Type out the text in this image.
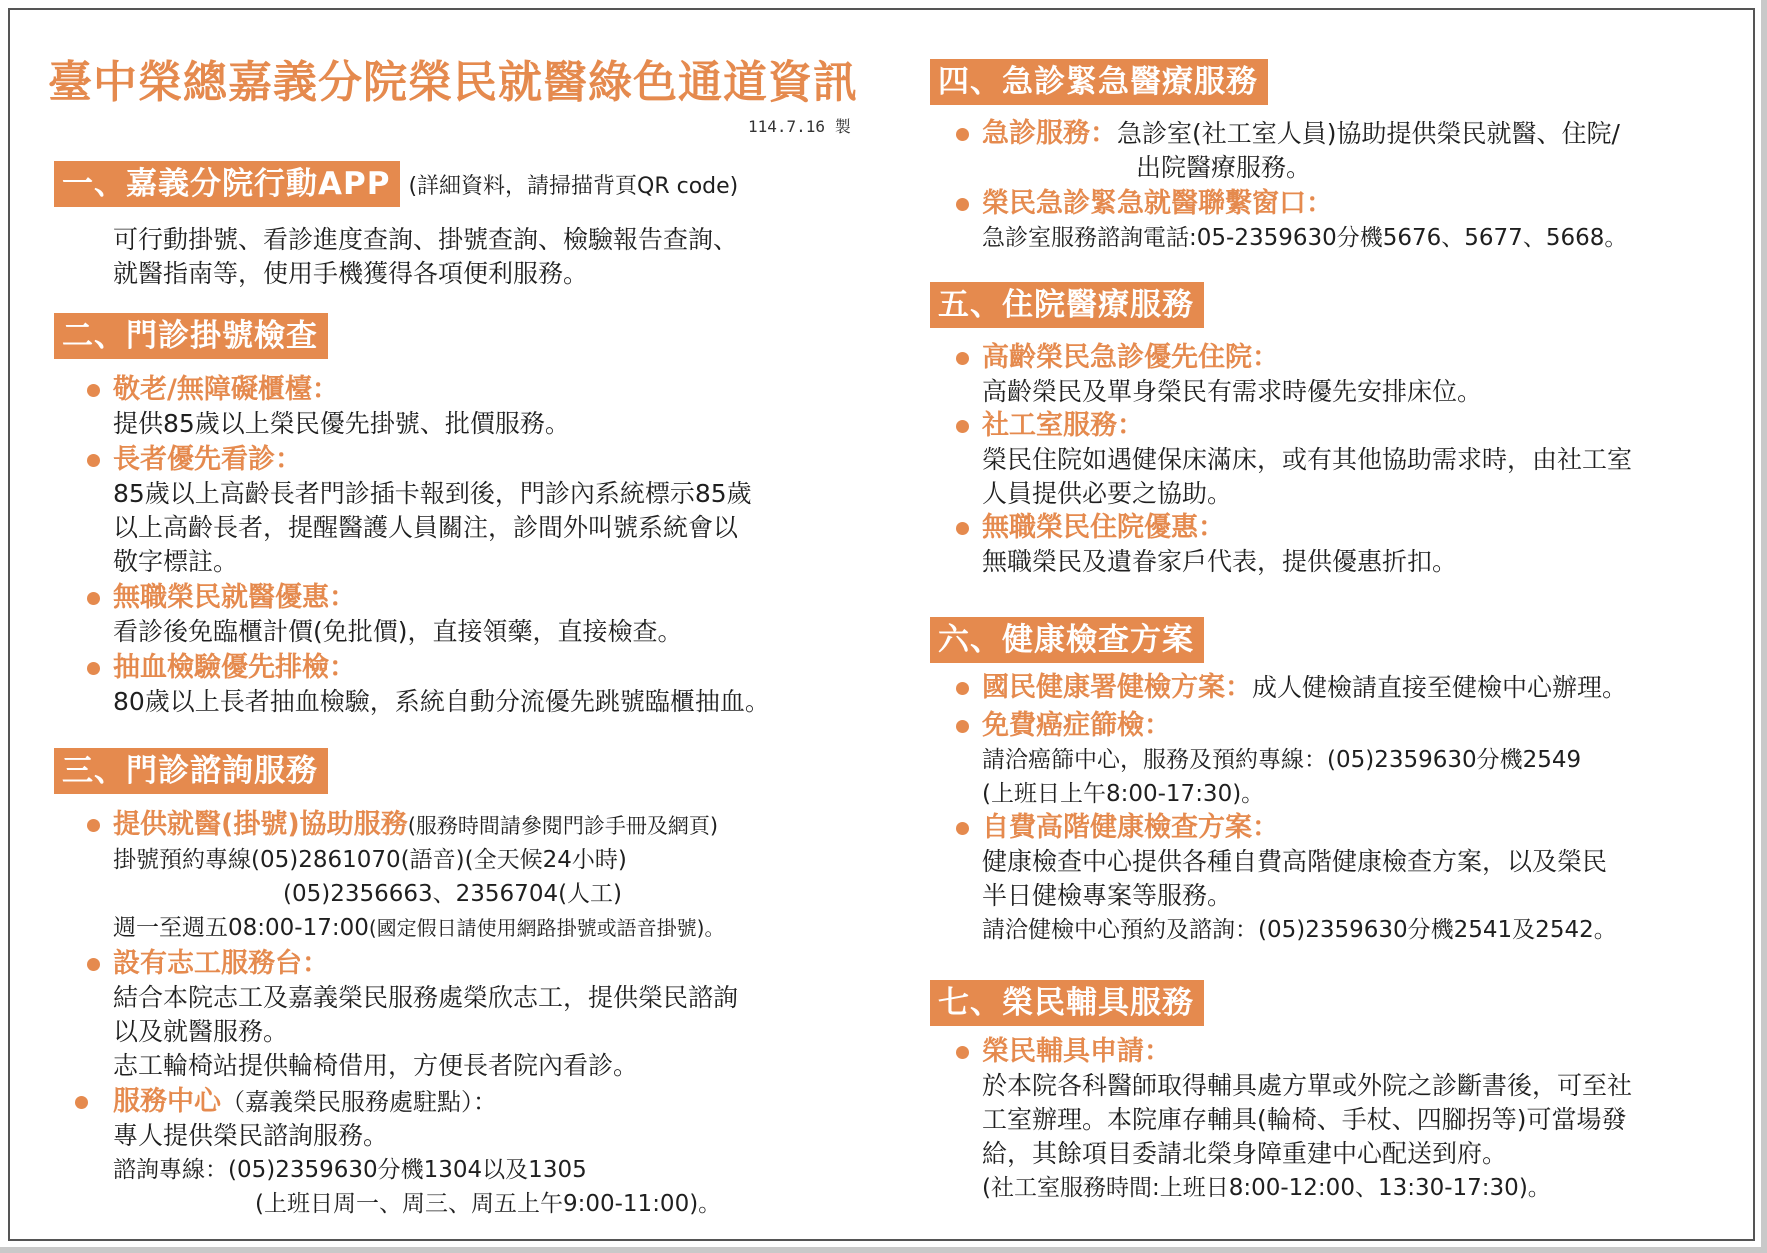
臺中榮總嘉義分院榮民就醫綠色通道資訊
114.7.16 製
一、嘉義分院行動APP (詳細資料，請掃描背頁QR code)
可行動掛號、看診進度查詢、掛號查詢、檢驗報告查詢、
就醫指南等，使用手機獲得各項便利服務。
二、門診掛號檢查
敬老/無障礙櫃檯：
提供85歲以上榮民優先掛號、批價服務。
長者優先看診：
85歲以上高齡長者門診插卡報到後，門診內系統標示85歲
以上高齡長者，提醒醫護人員關注，診間外叫號系統會以
敬字標註。
無職榮民就醫優惠：
看診後免臨櫃計價(免批價)，直接領藥，直接檢查。
抽血檢驗優先排檢：
80歲以上長者抽血檢驗，系統自動分流優先跳號臨櫃抽血。
三、門診諮詢服務
提供就醫(掛號)協助服務(服務時間請參閱門診手冊及網頁)
掛號預約專線(05)2861070(語音)(全天候24小時)
(05)2356663、2356704(人工)
週一至週五08:00-17:00(國定假日請使用網路掛號或語音掛號)。
設有志工服務台：
結合本院志工及嘉義榮民服務處榮欣志工，提供榮民諮詢
以及就醫服務。
志工輪椅站提供輪椅借用，方便長者院內看診。
服務中心（嘉義榮民服務處駐點）：
專人提供榮民諮詢服務。
諮詢專線：(05)2359630分機1304以及1305
(上班日周一、周三、周五上午9:00-11:00)。
四、急診緊急醫療服務
急診服務：急診室(社工室人員)協助提供榮民就醫、住院/
出院醫療服務。
榮民急診緊急就醫聯繫窗口：
急診室服務諮詢電話:05-2359630分機5676、5677、5668。
五、住院醫療服務
高齡榮民急診優先住院：
高齡榮民及單身榮民有需求時優先安排床位。
社工室服務：
榮民住院如遇健保床滿床，或有其他協助需求時，由社工室
人員提供必要之協助。
無職榮民住院優惠：
無職榮民及遺眷家戶代表，提供優惠折扣。
六、健康檢查方案
國民健康署健檢方案：成人健檢請直接至健檢中心辦理。
免費癌症篩檢：
請洽癌篩中心，服務及預約專線：(05)2359630分機2549
(上班日上午8:00-17:30)。
自費高階健康檢查方案：
健康檢查中心提供各種自費高階健康檢查方案，以及榮民
半日健檢專案等服務。
請洽健檢中心預約及諮詢：(05)2359630分機2541及2542。
七、榮民輔具服務
榮民輔具申請：
於本院各科醫師取得輔具處方單或外院之診斷書後，可至社
工室辦理。本院庫存輔具(輪椅、手杖、四腳拐等)可當場發
給，其餘項目委請北榮身障重建中心配送到府。
(社工室服務時間:上班日8:00-12:00、13:30-17:30)。
